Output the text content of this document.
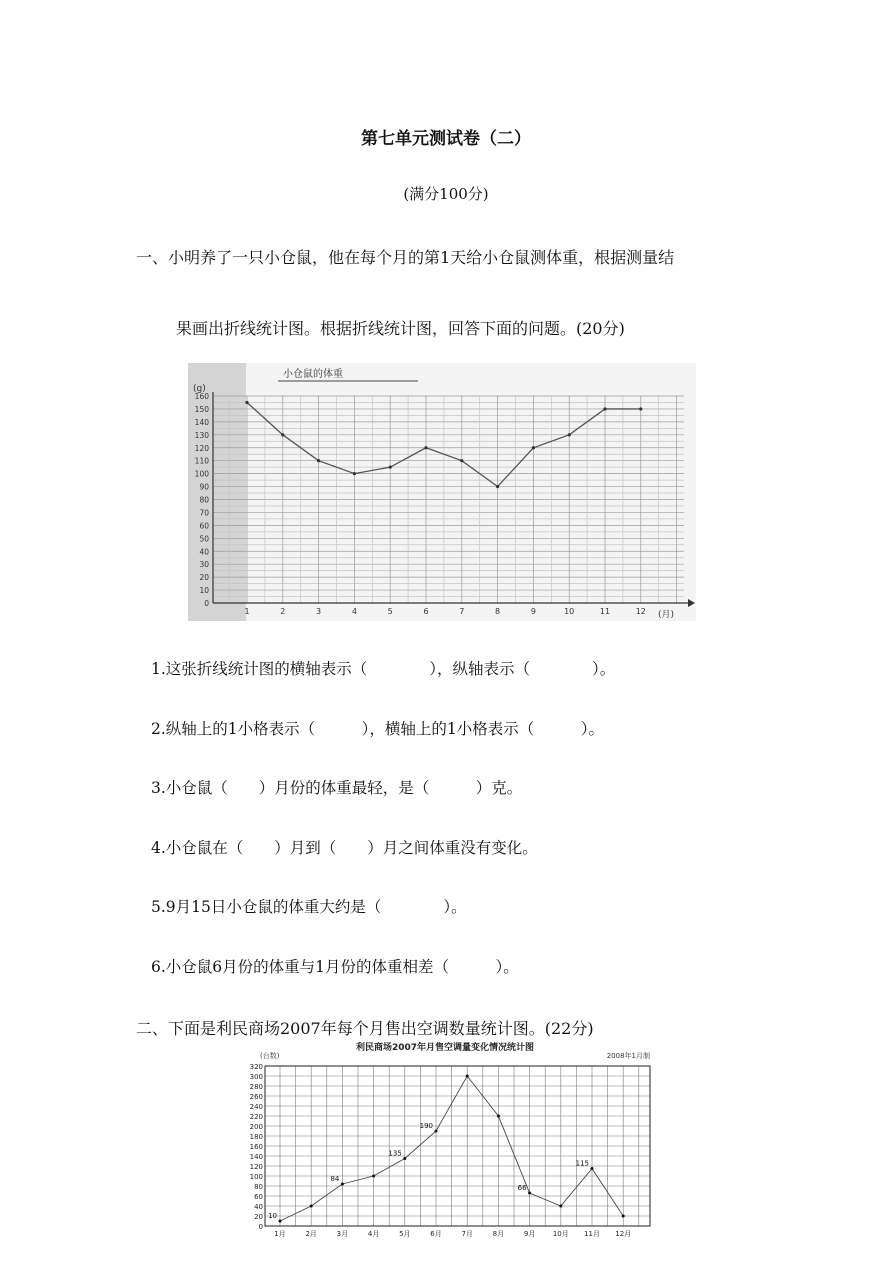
第七单元测试卷（二）
(满分100分)
一、小明养了一只小仓鼠，他在每个月的第1天给小仓鼠测体重，根据测量结
果画出折线统计图。根据折线统计图，回答下面的问题。(20分)
0
10
20
30
40
50
60
70
80
90
100
110
120
130
140
150
160
1	2	3	4	5	6	7	8	9	10	11	12
小仓鼠的体重
(g)
(月)
1.这张折线统计图的横轴表示（　　　　），纵轴表示（　　　　）。
2.纵轴上的1小格表示（　　　），横轴上的1小格表示（　　　）。
3.小仓鼠（　　）月份的体重最轻，是（　　　）克。
4.小仓鼠在（　　）月到（　　）月之间体重没有变化。
5.9月15日小仓鼠的体重大约是（　　　　）。
6.小仓鼠6月份的体重与1月份的体重相差（　　　）。
二、下面是利民商场2007年每个月售出空调数量统计图。(22分)
利民商场2007年月售空调量变化情况统计图
(台数)	2008年1月制
0
20
40
60
80
100
120
140
160
180
200
220
240
260
280
300
320
1月	2月	3月	4月	5月	6月	7月	8月	9月	10月 11月 12月
10
84
135
190
66
115
